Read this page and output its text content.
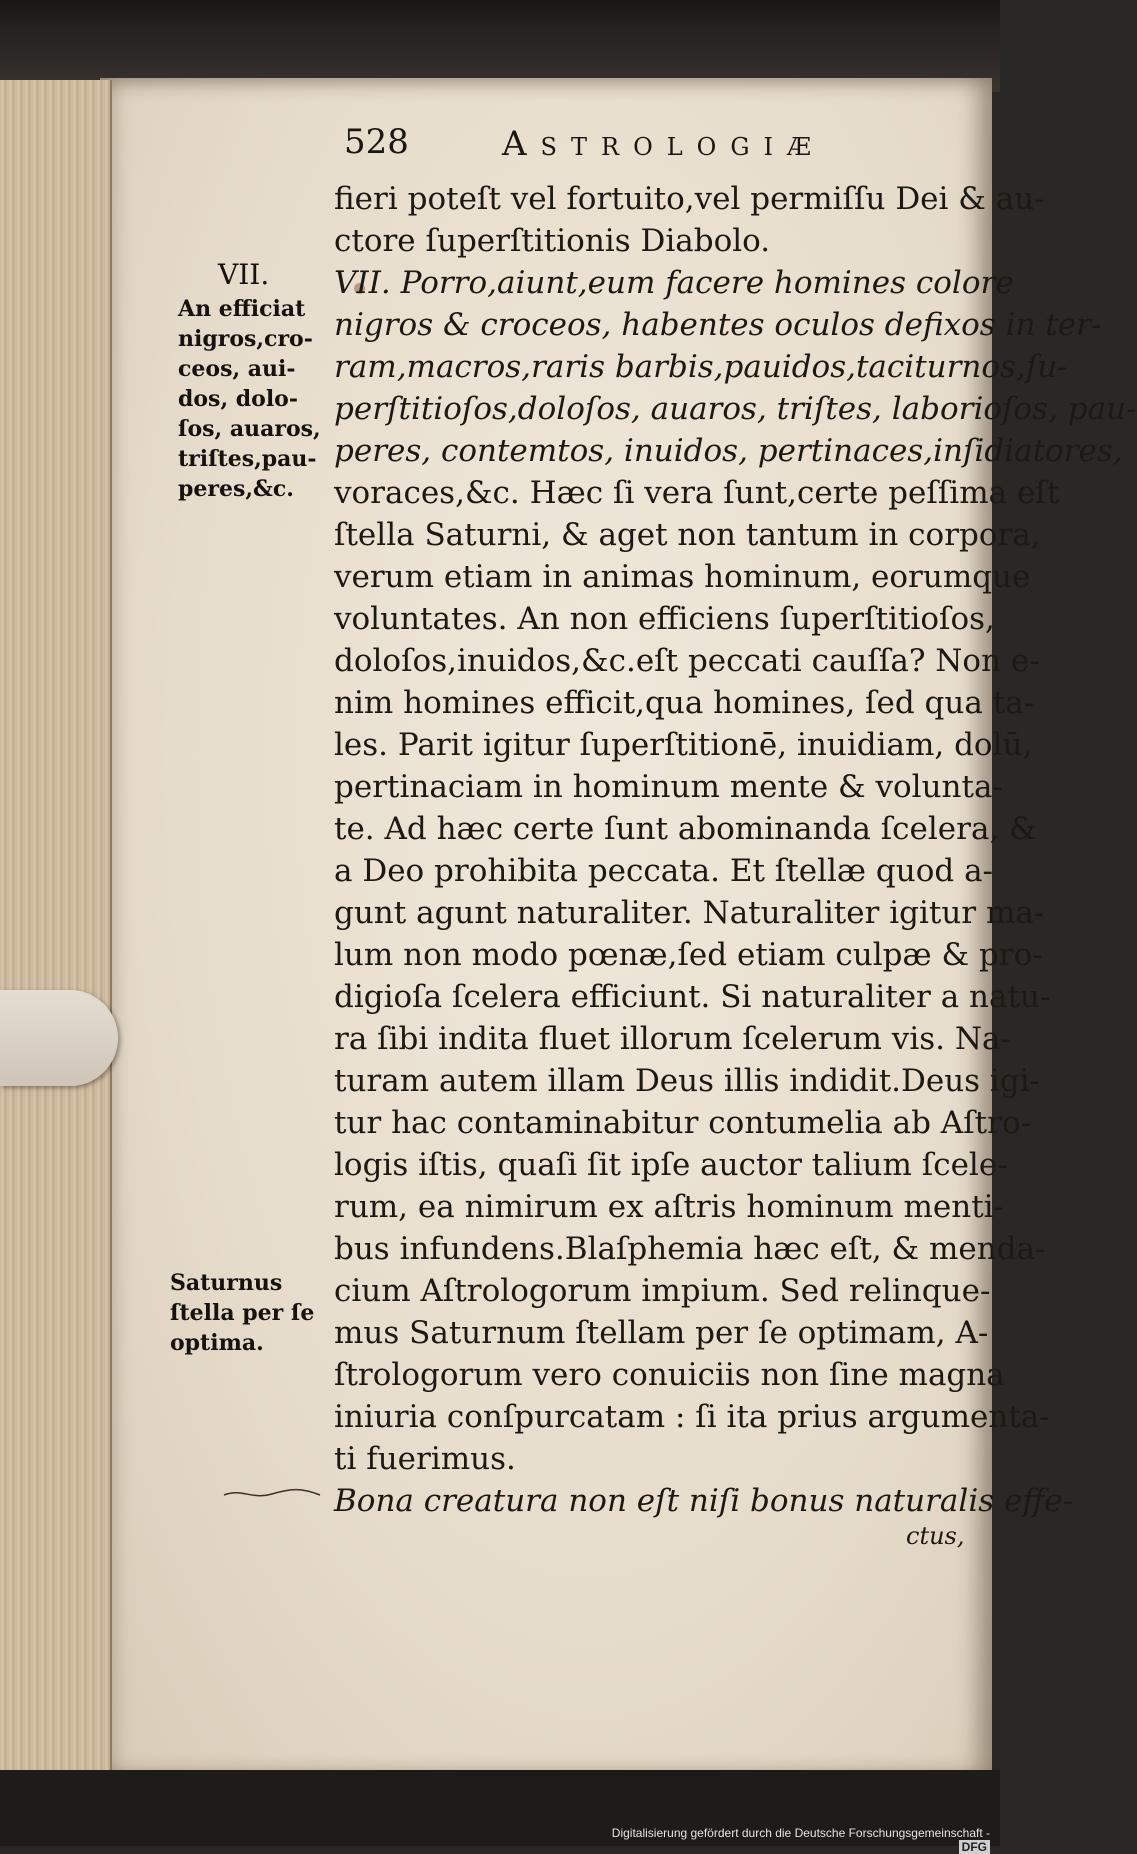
528	Astrologiæ
fieri poteſt vel fortuito,vel permiſſu Dei & au-
ctore ſuperſtitionis Diabolo.
VII. Porro,aiunt,eum facere homines colore
nigros & croceos, habentes oculos defixos in ter-
ram,macros,raris barbis,pauidos,taciturnos,ſu-
perſtitioſos,doloſos, auaros, triſtes, laborioſos, pau-
peres, contemtos, inuidos, pertinaces,inſidiatores,
voraces,&c. Hæc ſi vera ſunt,certe peſſima eſt
ſtella Saturni, & aget non tantum in corpora,
verum etiam in animas hominum, eorumque
voluntates. An non efficiens ſuperſtitioſos,
doloſos,inuidos,&c.eſt peccati cauſſa? Non e-
nim homines efficit,qua homines, ſed qua ta-
les. Parit igitur ſuperſtitionē, inuidiam, dolū,
pertinaciam in hominum mente & volunta-
te. Ad hæc certe ſunt abominanda ſcelera, &
a Deo prohibita peccata. Et ſtellæ quod a-
gunt agunt naturaliter. Naturaliter igitur ma-
lum non modo pœnæ,ſed etiam culpæ & pro-
digioſa ſcelera efficiunt. Si naturaliter a natu-
ra ſibi indita fluet illorum ſcelerum vis. Na-
turam autem illam Deus illis indidit.Deus igi-
tur hac contaminabitur contumelia ab Aſtro-
logis iſtis, quaſi ſit ipſe auctor talium ſcele-
rum, ea nimirum ex aſtris hominum menti-
bus infundens.Blaſphemia hæc eſt, & menda-
cium Aſtrologorum impium. Sed relinque-
mus Saturnum ſtellam per ſe optimam, A-
ſtrologorum vero conuiciis non ſine magna
iniuria conſpurcatam : ſi ita prius argumenta-
ti fuerimus.
Bona creatura non eſt niſi bonus naturalis effe-
VII.
An efficiat
nigros,cro-
ceos, aui-
dos, dolo-
ſos, auaros,
triſtes,pau-
peres,&c.
Saturnus
ſtella per ſe
optima.
ctus,
Digitalisierung gefördert durch die Deutsche Forschungsgemeinschaft -DFG
